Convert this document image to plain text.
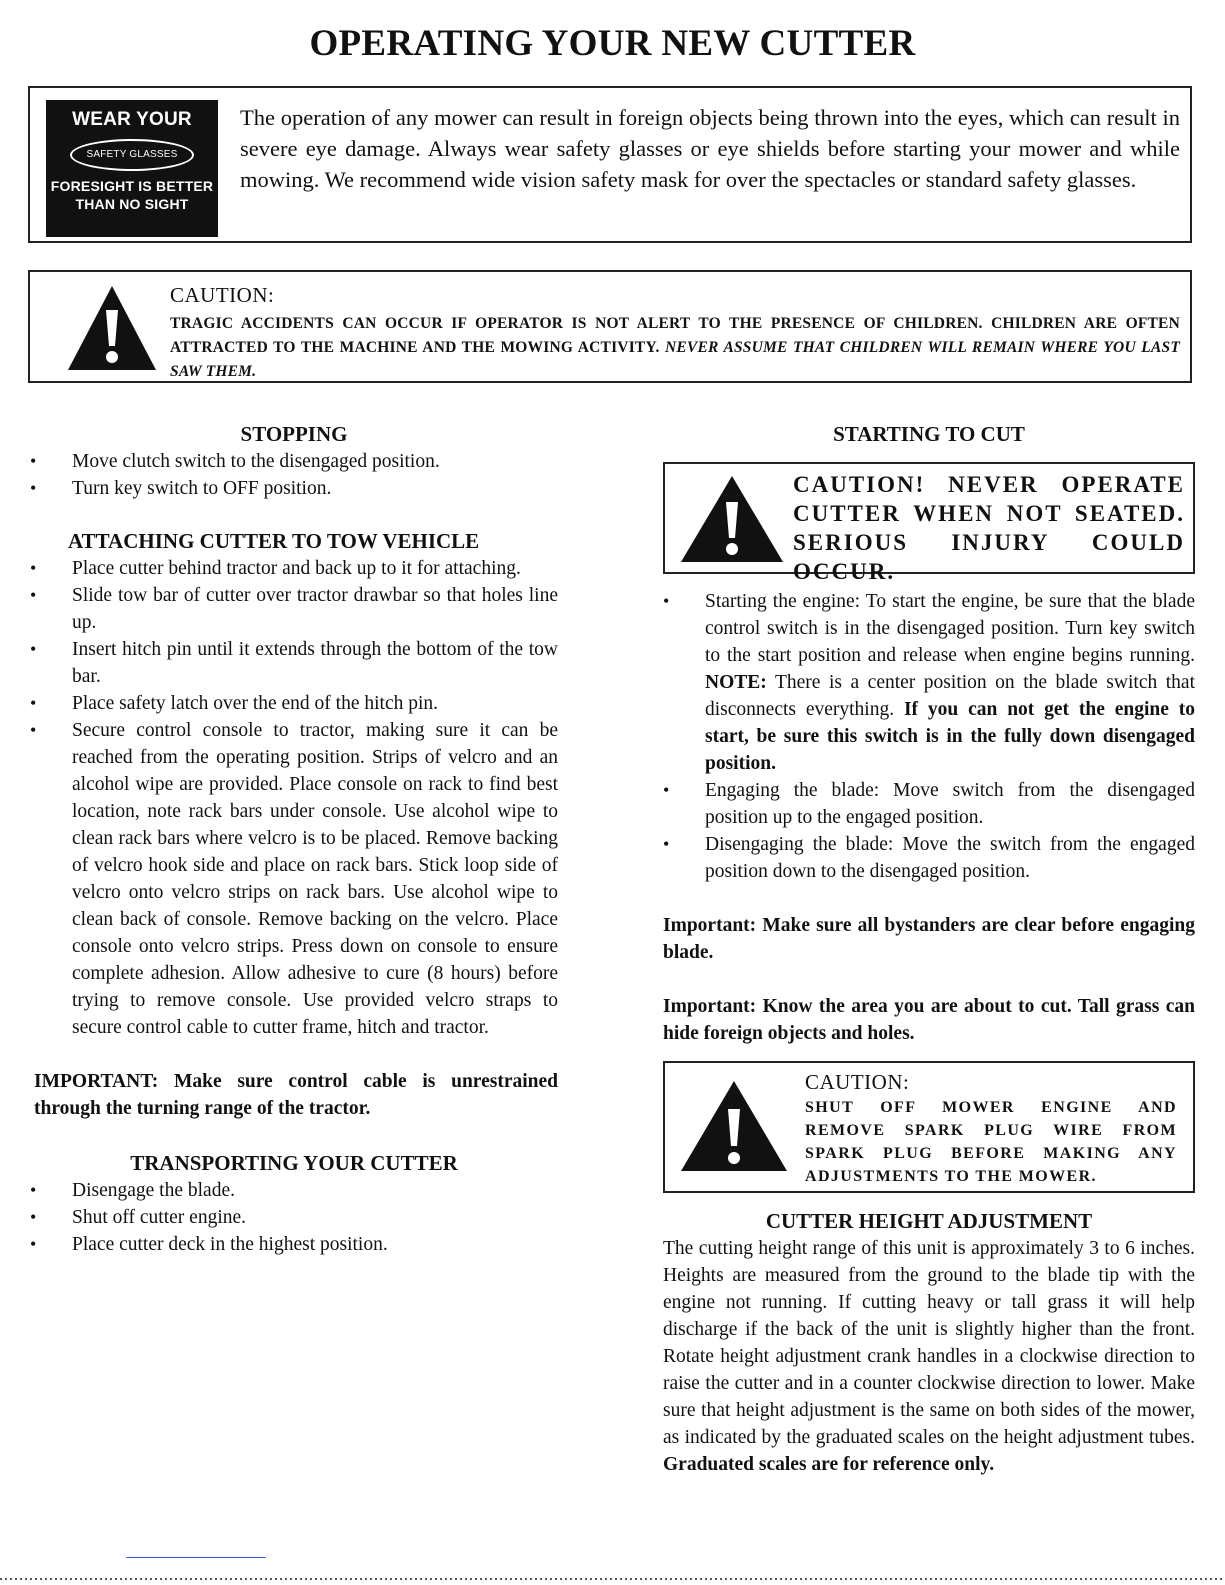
OPERATING YOUR NEW CUTTER
WEAR YOUR
SAFETY GLASSES
FORESIGHT IS BETTER
THAN NO SIGHT
The operation of any mower can result in foreign objects being thrown into the eyes, which can result in severe eye damage. Always wear safety glasses or eye shields before starting your mower and while mowing. We recommend wide vision safety mask for over the spectacles or standard safety glasses.
CAUTION:
TRAGIC ACCIDENTS CAN OCCUR IF OPERATOR IS NOT ALERT TO THE PRESENCE OF CHILDREN. CHILDREN ARE OFTEN ATTRACTED TO THE MACHINE AND THE MOWING ACTIVITY. NEVER ASSUME THAT CHILDREN WILL REMAIN WHERE YOU LAST SAW THEM.
STOPPING
• Move clutch switch to the disengaged position.
• Turn key switch to OFF position.
ATTACHING CUTTER TO TOW VEHICLE
• Place cutter behind tractor and back up to it for attaching.
• Slide tow bar of cutter over tractor drawbar so that holes line up.
• Insert hitch pin until it extends through the bottom of the tow bar.
• Place safety latch over the end of the hitch pin.
• Secure control console to tractor, making sure it can be reached from the operating position. Strips of velcro and an alcohol wipe are provided. Place console on rack to find best location, note rack bars under console. Use alcohol wipe to clean rack bars where velcro is to be placed. Remove backing of velcro hook side and place on rack bars. Stick loop side of velcro onto velcro strips on rack bars. Use alcohol wipe to clean back of console. Remove backing on the velcro. Place console onto velcro strips. Press down on console to ensure complete adhesion. Allow adhesive to cure (8 hours) before trying to remove console. Use provided velcro straps to secure control cable to cutter frame, hitch and tractor.
IMPORTANT: Make sure control cable is unrestrained through the turning range of the tractor.
TRANSPORTING YOUR CUTTER
• Disengage the blade.
• Shut off cutter engine.
• Place cutter deck in the highest position.
STARTING TO CUT
CAUTION! NEVER OPERATE CUTTER WHEN NOT SEATED. SERIOUS INJURY COULD OCCUR.
• Starting the engine: To start the engine, be sure that the blade control switch is in the disengaged position. Turn key switch to the start position and release when engine begins running. NOTE: There is a center position on the blade switch that disconnects everything. If you can not get the engine to start, be sure this switch is in the fully down disengaged position.
• Engaging the blade: Move switch from the disengaged position up to the engaged position.
• Disengaging the blade: Move the switch from the engaged position down to the disengaged position.
Important: Make sure all bystanders are clear before engaging blade.
Important: Know the area you are about to cut. Tall grass can hide foreign objects and holes.
CAUTION:
SHUT OFF MOWER ENGINE AND REMOVE SPARK PLUG WIRE FROM SPARK PLUG BEFORE MAKING ANY ADJUSTMENTS TO THE MOWER.
CUTTER HEIGHT ADJUSTMENT
The cutting height range of this unit is approximately 3 to 6 inches. Heights are measured from the ground to the blade tip with the engine not running. If cutting heavy or tall grass it will help discharge if the back of the unit is slightly higher than the front. Rotate height adjustment crank handles in a clockwise direction to raise the cutter and in a counter clockwise direction to lower. Make sure that height adjustment is the same on both sides of the mower, as indicated by the graduated scales on the height adjustment tubes. Graduated scales are for reference only.
